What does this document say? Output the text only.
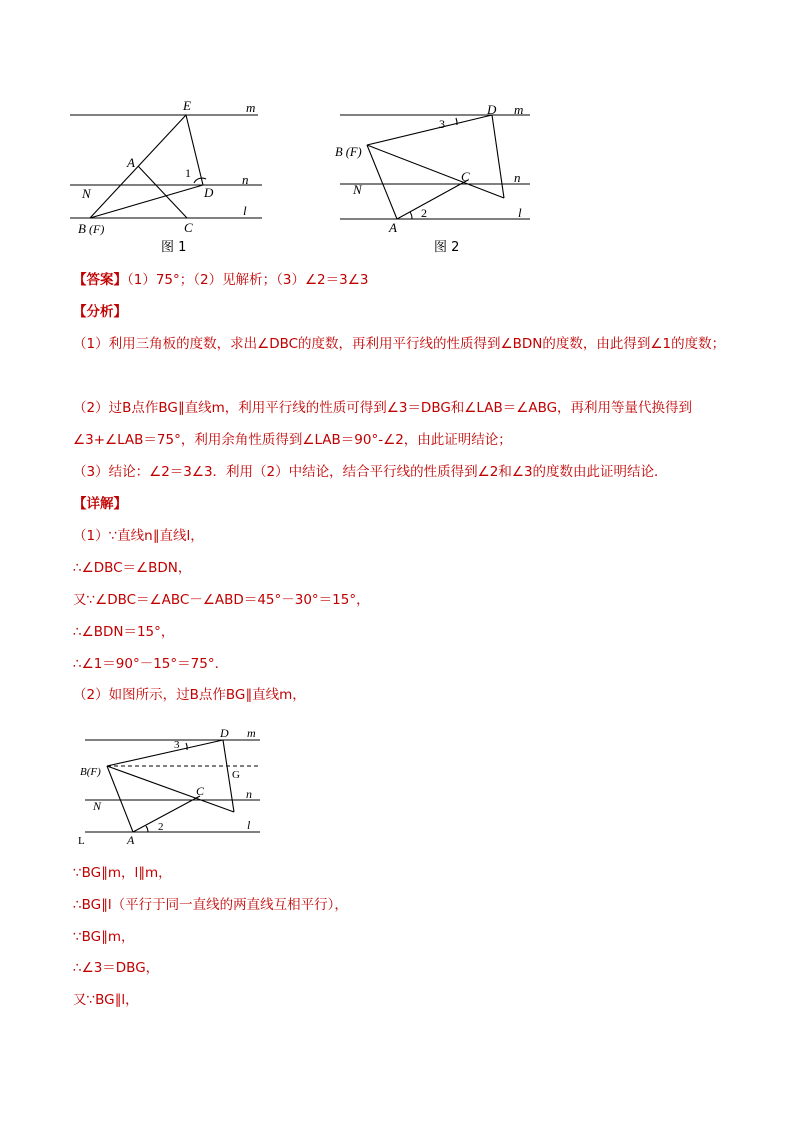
E	m
A
1	n
N	D
l
B (F)	C
图 1
D m
3
B (F)
N
C	n
A
2	l
图 2
【答案】（1）75°；（2）见解析；（3）∠2＝3∠3
【分析】
（1）利用三角板的度数，求出∠DBC的度数，再利用平行线的性质得到∠BDN的度数，由此得到∠1的度数；
（2）过B点作BG∥直线m，利用平行线的性质可得到∠3＝DBG和∠LAB＝∠ABG，再利用等量代换得到∠3+∠LAB＝75°，利用余角性质得到∠LAB＝90°-∠2，由此证明结论；
（3）结论：∠2＝3∠3．利用（2）中结论，结合平行线的性质得到∠2和∠3的度数由此证明结论．
【详解】
（1）∵直线n∥直线l，
∴∠DBC＝∠BDN，
又∵∠DBC＝∠ABC－∠ABD＝45°－30°＝15°，
∴∠BDN＝15°，
∴∠1＝90°－15°＝75°．
（2）如图所示，过B点作BG∥直线m，
D m
3
B(F)	G
N
C	n
L	A
2	l
∵BG∥m，l∥m，
∴BG∥l（平行于同一直线的两直线互相平行），
∵BG∥m，
∴∠3＝DBG，
又∵BG∥l，
